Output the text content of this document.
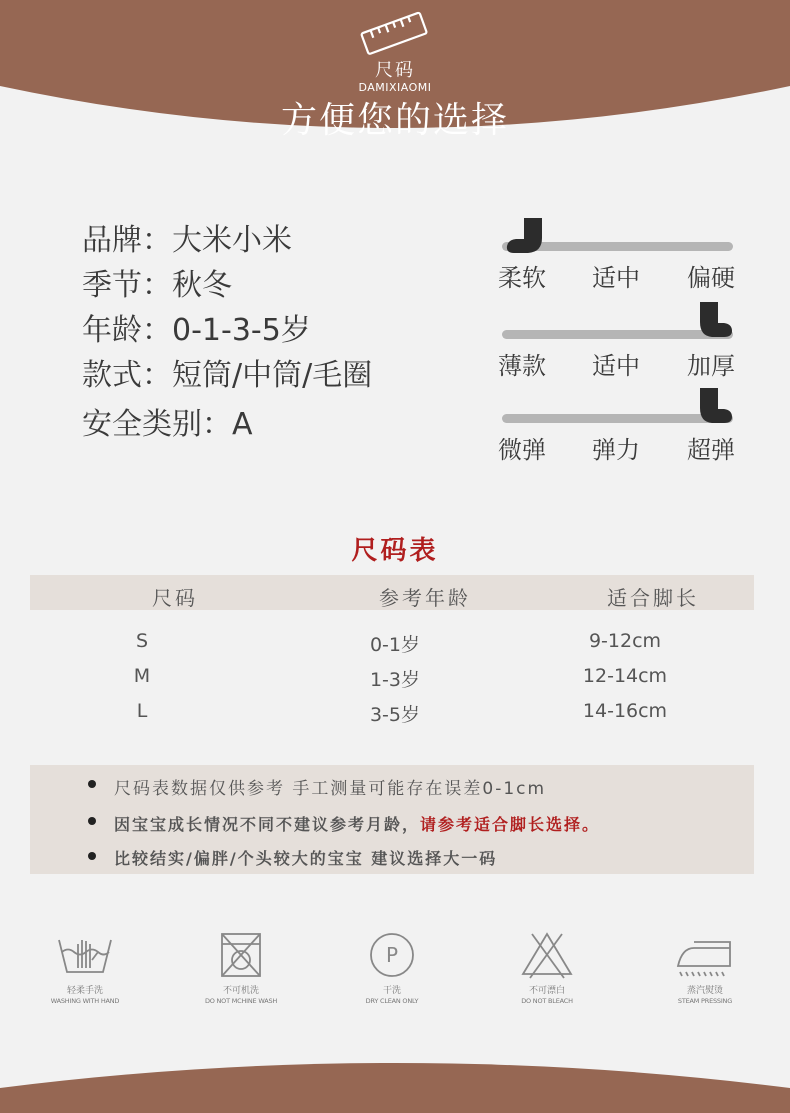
尺码
DAMIXIAOMI
方便您的选择
品牌：大米小米
季节：秋冬
年龄：0-1-3-5岁
款式：短筒/中筒/毛圈
安全类别：A
柔软 适中 偏硬
薄款 适中 加厚
微弹 弹力 超弹
尺码表
尺码	参考年龄	适合脚长
S	0-1岁	9-12cm
M	1-3岁	12-14cm
L	3-5岁	14-16cm
尺码表数据仅供参考 手工测量可能存在误差0-1cm
因宝宝成长情况不同不建议参考月龄，请参考适合脚长选择。
比较结实/偏胖/个头较大的宝宝 建议选择大一码
轻柔手洗
WASHING WITH HAND
不可机洗
DO NOT MCHINE WASH
P
干洗
DRY CLEAN ONLY
不可漂白
DO NOT BLEACH
蒸汽熨烫
STEAM PRESSING
